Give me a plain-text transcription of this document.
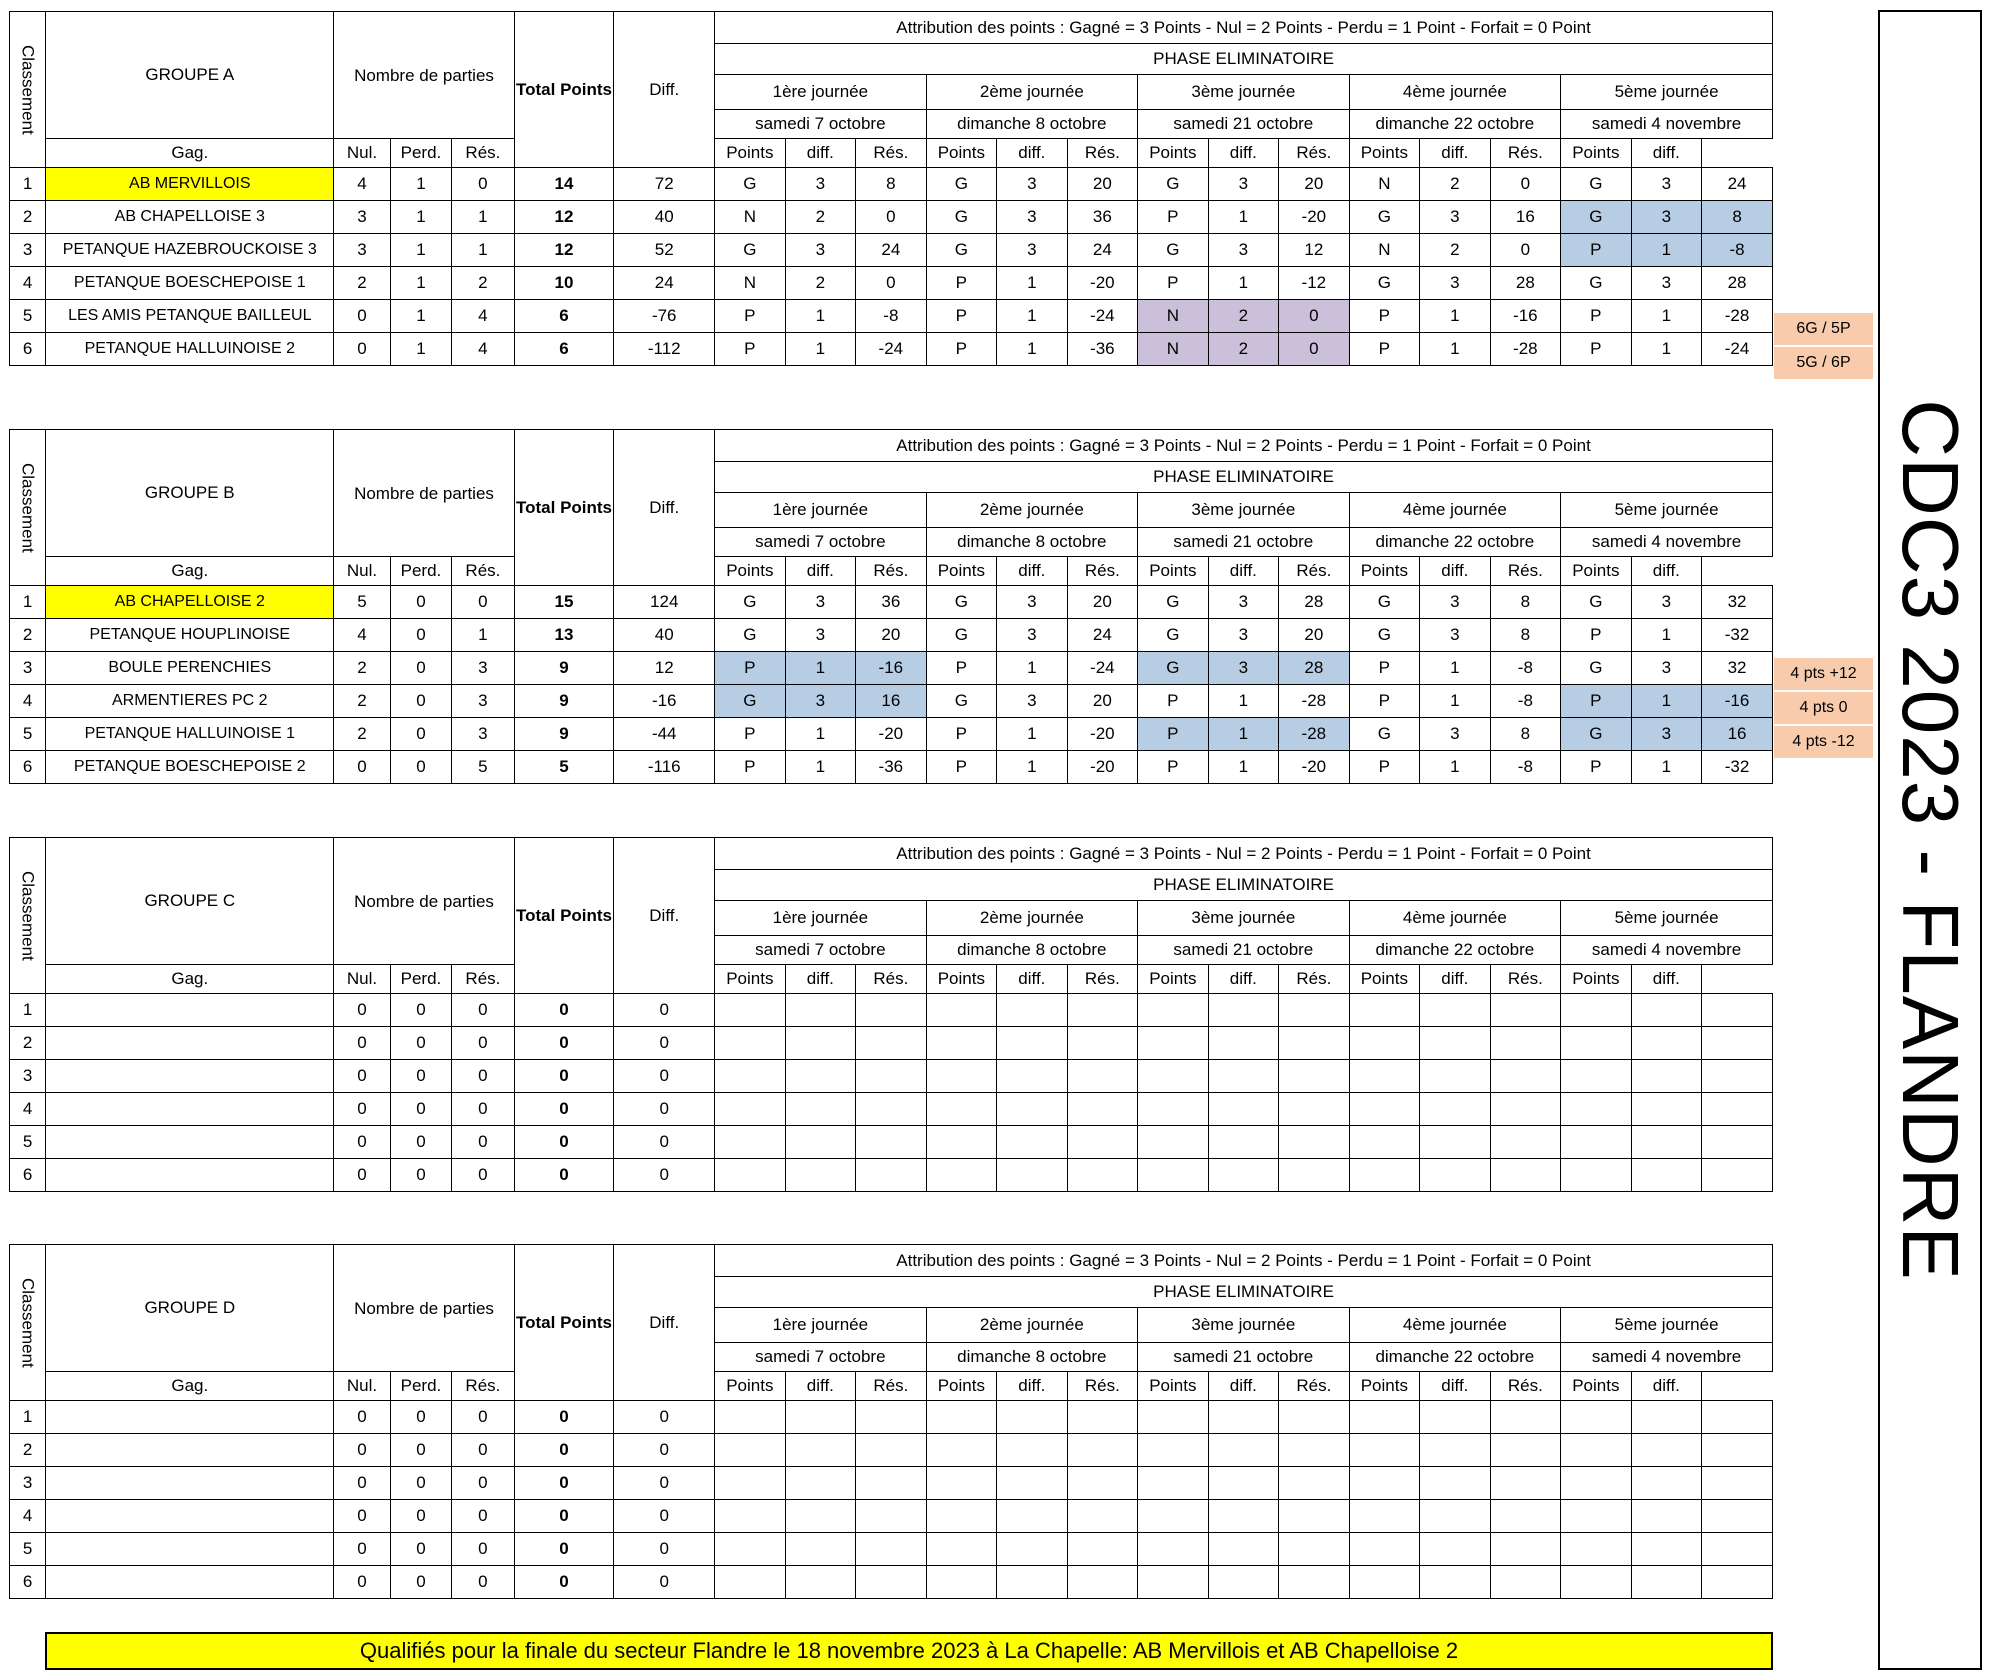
Classement	GROUPE A	Nombre de parties	Total Points	Diff.	Attribution des points : Gagné = 3 Points - Nul = 2 Points - Perdu = 1 Point - Forfait = 0 Point
PHASE ELIMINATOIRE
1ère journée	2ème journée	3ème journée	4ème journée	5ème journée
samedi 7 octobre	dimanche 8 octobre	samedi 21 octobre	dimanche 22 octobre	samedi 4 novembre
Gag.	Nul.	Perd.	Rés.	Points	diff.	Rés.	Points	diff.	Rés.	Points	diff.	Rés.	Points	diff.	Rés.	Points	diff.
1	AB MERVILLOIS	4	1	0	14	72	G	3	8	G	3	20	G	3	20	N	2	0	G	3	24
2	AB CHAPELLOISE 3	3	1	1	12	40	N	2	0	G	3	36	P	1	-20	G	3	16	G	3	8
3	PETANQUE HAZEBROUCKOISE 3	3	1	1	12	52	G	3	24	G	3	24	G	3	12	N	2	0	P	1	-8
4	PETANQUE BOESCHEPOISE 1	2	1	2	10	24	N	2	0	P	1	-20	P	1	-12	G	3	28	G	3	28
5	LES AMIS PETANQUE BAILLEUL	0	1	4	6	-76	P	1	-8	P	1	-24	N	2	0	P	1	-16	P	1	-28
6	PETANQUE HALLUINOISE 2	0	1	4	6	-112	P	1	-24	P	1	-36	N	2	0	P	1	-28	P	1	-24
6G / 5P
5G / 6P
Classement	GROUPE B	Nombre de parties	Total Points	Diff.	Attribution des points : Gagné = 3 Points - Nul = 2 Points - Perdu = 1 Point - Forfait = 0 Point
PHASE ELIMINATOIRE
1ère journée	2ème journée	3ème journée	4ème journée	5ème journée
samedi 7 octobre	dimanche 8 octobre	samedi 21 octobre	dimanche 22 octobre	samedi 4 novembre
Gag.	Nul.	Perd.	Rés.	Points	diff.	Rés.	Points	diff.	Rés.	Points	diff.	Rés.	Points	diff.	Rés.	Points	diff.
1	AB CHAPELLOISE 2	5	0	0	15	124	G	3	36	G	3	20	G	3	28	G	3	8	G	3	32
2	PETANQUE HOUPLINOISE	4	0	1	13	40	G	3	20	G	3	24	G	3	20	G	3	8	P	1	-32
3	BOULE PERENCHIES	2	0	3	9	12	P	1	-16	P	1	-24	G	3	28	P	1	-8	G	3	32
4	ARMENTIERES PC 2	2	0	3	9	-16	G	3	16	G	3	20	P	1	-28	P	1	-8	P	1	-16
5	PETANQUE HALLUINOISE 1	2	0	3	9	-44	P	1	-20	P	1	-20	P	1	-28	G	3	8	G	3	16
6	PETANQUE BOESCHEPOISE 2	0	0	5	5	-116	P	1	-36	P	1	-20	P	1	-20	P	1	-8	P	1	-32
4 pts +12
4 pts 0
4 pts -12
Classement	GROUPE C	Nombre de parties	Total Points	Diff.	Attribution des points : Gagné = 3 Points - Nul = 2 Points - Perdu = 1 Point - Forfait = 0 Point
PHASE ELIMINATOIRE
1ère journée	2ème journée	3ème journée	4ème journée	5ème journée
samedi 7 octobre	dimanche 8 octobre	samedi 21 octobre	dimanche 22 octobre	samedi 4 novembre
Gag.	Nul.	Perd.	Rés.	Points	diff.	Rés.	Points	diff.	Rés.	Points	diff.	Rés.	Points	diff.	Rés.	Points	diff.
1		0	0	0	0	0															
2		0	0	0	0	0															
3		0	0	0	0	0															
4		0	0	0	0	0															
5		0	0	0	0	0															
6		0	0	0	0	0															
Classement	GROUPE D	Nombre de parties	Total Points	Diff.	Attribution des points : Gagné = 3 Points - Nul = 2 Points - Perdu = 1 Point - Forfait = 0 Point
PHASE ELIMINATOIRE
1ère journée	2ème journée	3ème journée	4ème journée	5ème journée
samedi 7 octobre	dimanche 8 octobre	samedi 21 octobre	dimanche 22 octobre	samedi 4 novembre
Gag.	Nul.	Perd.	Rés.	Points	diff.	Rés.	Points	diff.	Rés.	Points	diff.	Rés.	Points	diff.	Rés.	Points	diff.
1		0	0	0	0	0															
2		0	0	0	0	0															
3		0	0	0	0	0															
4		0	0	0	0	0															
5		0	0	0	0	0															
6		0	0	0	0	0															
CDC3 2023 - FLANDRE
Qualifiés pour la finale du secteur Flandre le 18 novembre 2023 à La Chapelle: AB Mervillois et AB Chapelloise 2
